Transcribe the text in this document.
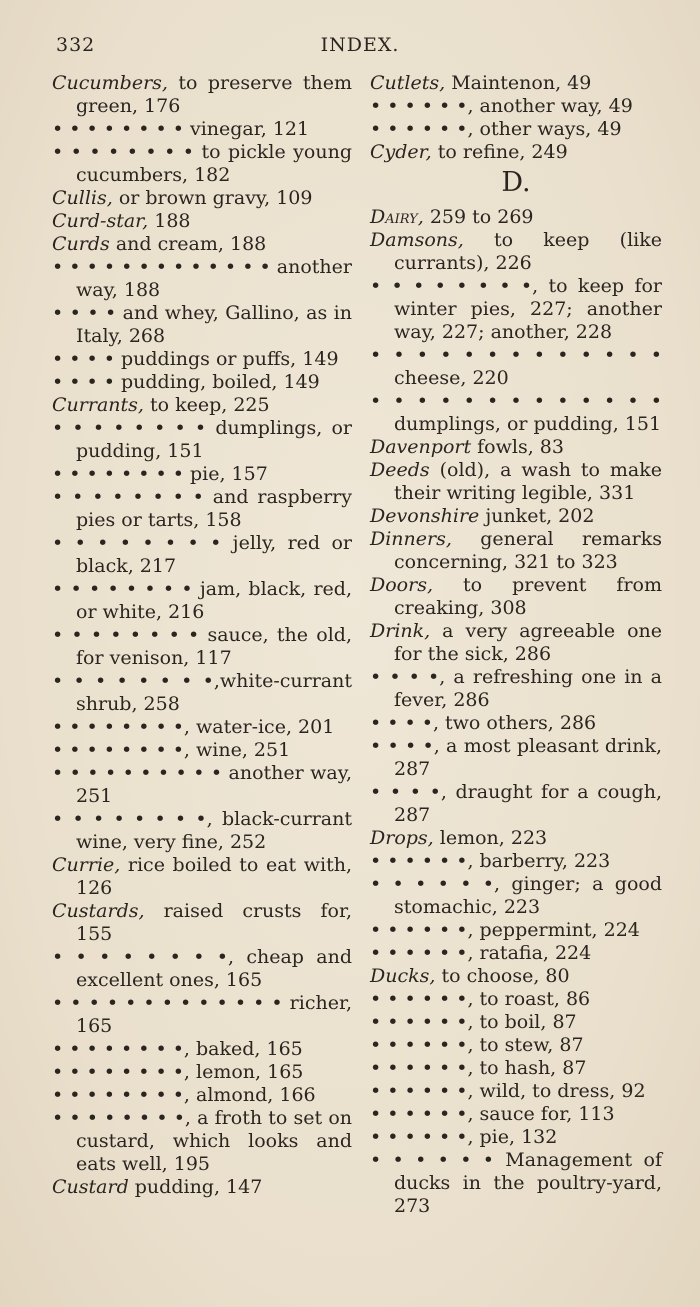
332	INDEX.

Cucumbers, to preserve them green, 176

• • • • • • • • vinegar, 121

• • • • • • • • to pickle young cucumbers, 182

Cullis, or brown gravy, 109

Curd-star, 188

Curds and cream, 188

• • • • • • • • • • • • • another way, 188

• • • • and whey, Gallino, as in Italy, 268

• • • • puddings or puffs, 149

• • • • pudding, boiled, 149

Currants, to keep, 225

• • • • • • • • dumplings, or pudding, 151

• • • • • • • • pie, 157

• • • • • • • • and raspberry pies or tarts, 158

• • • • • • • • jelly, red or black, 217

• • • • • • • • jam, black, red, or white, 216

• • • • • • • • sauce, the old, for venison, 117

• • • • • • • •,white-currant shrub, 258

• • • • • • • •, water-ice, 201

• • • • • • • •, wine, 251

• • • • • • • • • • another way, 251

• • • • • • • •, black-currant wine, very fine, 252

Currie, rice boiled to eat with, 126

Custards, raised crusts for, 155

• • • • • • • •, cheap and excellent ones, 165

• • • • • • • • • • • • • richer, 165

• • • • • • • •, baked, 165

• • • • • • • •, lemon, 165

• • • • • • • •, almond, 166

• • • • • • • •, a froth to set on custard, which looks and eats well, 195

Custard pudding, 147

Cutlets, Maintenon, 49

• • • • • •, another way, 49

• • • • • •, other ways, 49

Cyder, to refine, 249

D.

Dairy, 259 to 269

Damsons, to keep (like currants), 226

• • • • • • • •, to keep for winter pies, 227; another way, 227; another, 228

• • • • • • • • • • • • • cheese, 220

• • • • • • • • • • • • • dumplings, or pudding, 151

Davenport fowls, 83

Deeds (old), a wash to make their writing legible, 331

Devonshire junket, 202

Dinners, general remarks concerning, 321 to 323

Doors, to prevent from creaking, 308

Drink, a very agreeable one for the sick, 286

• • • •, a refreshing one in a fever, 286

• • • •, two others, 286

• • • •, a most pleasant drink, 287

• • • •, draught for a cough, 287

Drops, lemon, 223

• • • • • •, barberry, 223

• • • • • •, ginger; a good stomachic, 223

• • • • • •, peppermint, 224

• • • • • •, ratafia, 224

Ducks, to choose, 80

• • • • • •, to roast, 86

• • • • • •, to boil, 87

• • • • • •, to stew, 87

• • • • • •, to hash, 87

• • • • • •, wild, to dress, 92

• • • • • •, sauce for, 113

• • • • • •, pie, 132

• • • • • • Management of ducks in the poultry-yard, 273
